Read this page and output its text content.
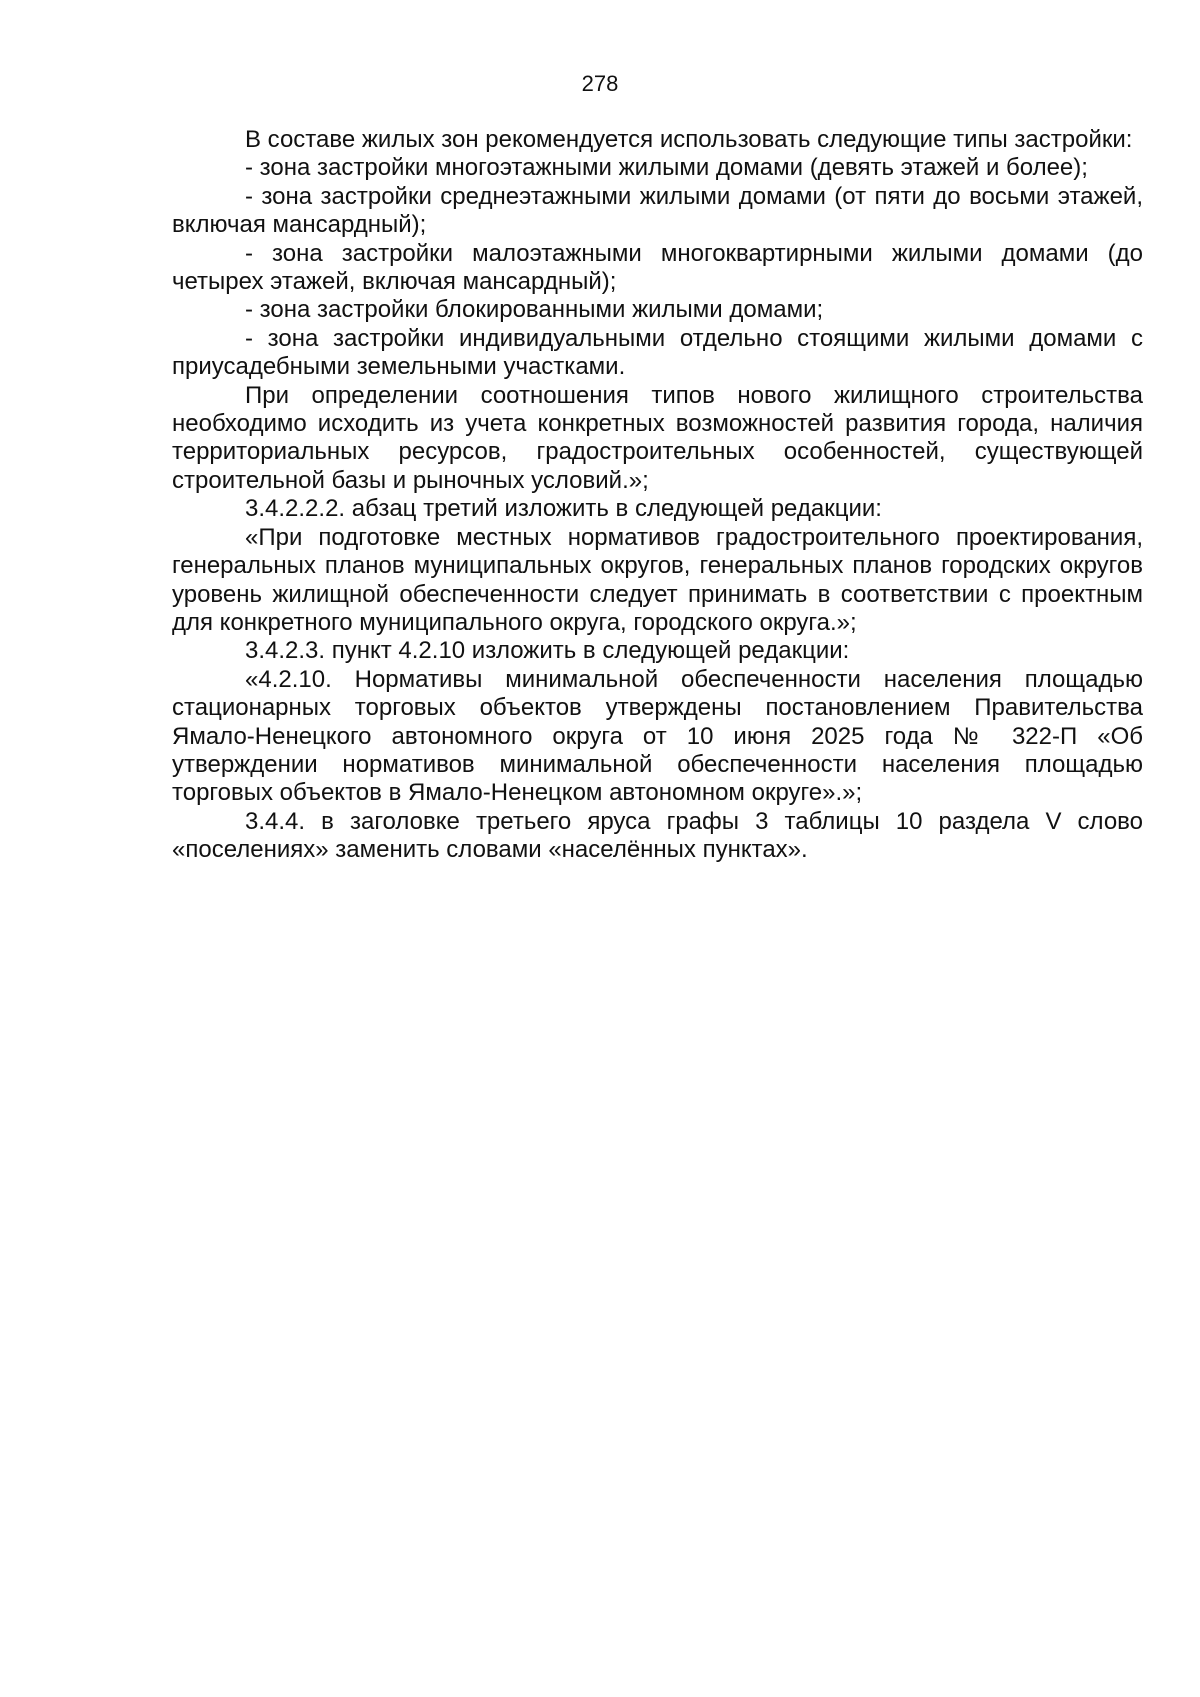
278

В составе жилых зон рекомендуется использовать следующие типы застройки:

- зона застройки многоэтажными жилыми домами (девять этажей и более);

- зона застройки среднеэтажными жилыми домами (от пяти до восьми этажей, включая мансардный);

- зона застройки малоэтажными многоквартирными жилыми домами (до четырех этажей, включая мансардный);

- зона застройки блокированными жилыми домами;

- зона застройки индивидуальными отдельно стоящими жилыми домами с приусадебными земельными участками.

При определении соотношения типов нового жилищного строительства необходимо исходить из учета конкретных возможностей развития города, наличия территориальных ресурсов, градостроительных особенностей, существующей строительной базы и рыночных условий.»;

3.4.2.2.2. абзац третий изложить в следующей редакции:

«При подготовке местных нормативов градостроительного проектирования, генеральных планов муниципальных округов, генеральных планов городских округов уровень жилищной обеспеченности следует принимать в соответствии с проектным для конкретного муниципального округа, городского округа.»;

3.4.2.3. пункт 4.2.10 изложить в следующей редакции:

«4.2.10. Нормативы минимальной обеспеченности населения площадью стационарных торговых объектов утверждены постановлением Правительства Ямало-Ненецкого автономного округа от 10 июня 2025 года № 322-П «Об утверждении нормативов минимальной обеспеченности населения площадью торговых объектов в Ямало-Ненецком автономном округе».»;

3.4.4. в заголовке третьего яруса графы 3 таблицы 10 раздела V слово «поселениях» заменить словами «населённых пунктах».
